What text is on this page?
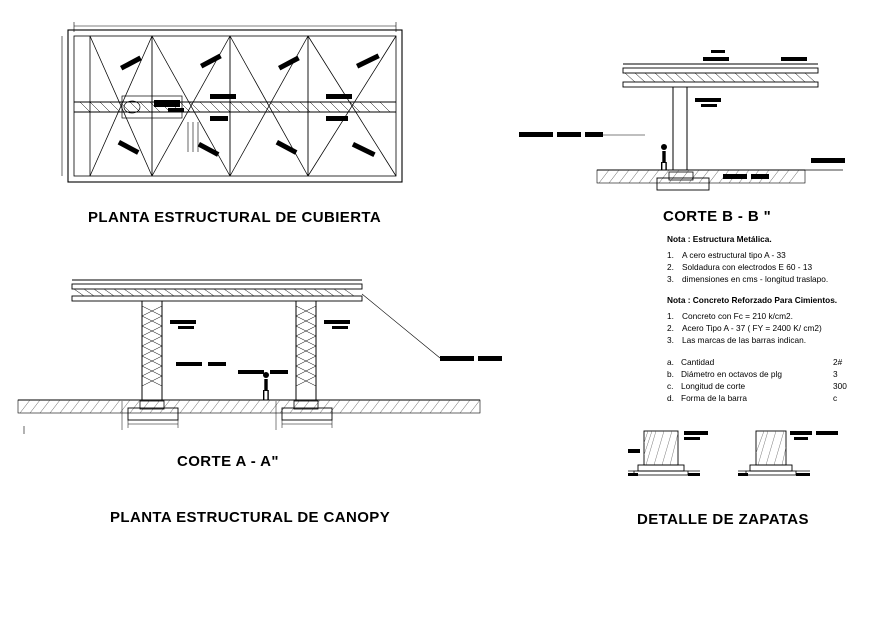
PLANTA ESTRUCTURAL DE CUBIERTA	CORTE B - B "
Nota : Estructura Metálica.
1. A cero estructural tipo A - 33
2. Soldadura con electrodos E 60 - 13
3. dimensiones en cms - longitud traslapo.
Nota : Concreto Reforzado Para Cimientos.
1. Concreto con Fc = 210 k/cm2.
2. Acero Tipo A - 37 ( FY = 2400 K/ cm2)
3. Las marcas de las barras indican.
a. Cantidad	2#
b. Diámetro en octavos de plg	3
c. Longitud de corte	300
d. Forma de la barra	c
CORTE A - A"
PLANTA ESTRUCTURAL DE CANOPY	DETALLE DE ZAPATAS
